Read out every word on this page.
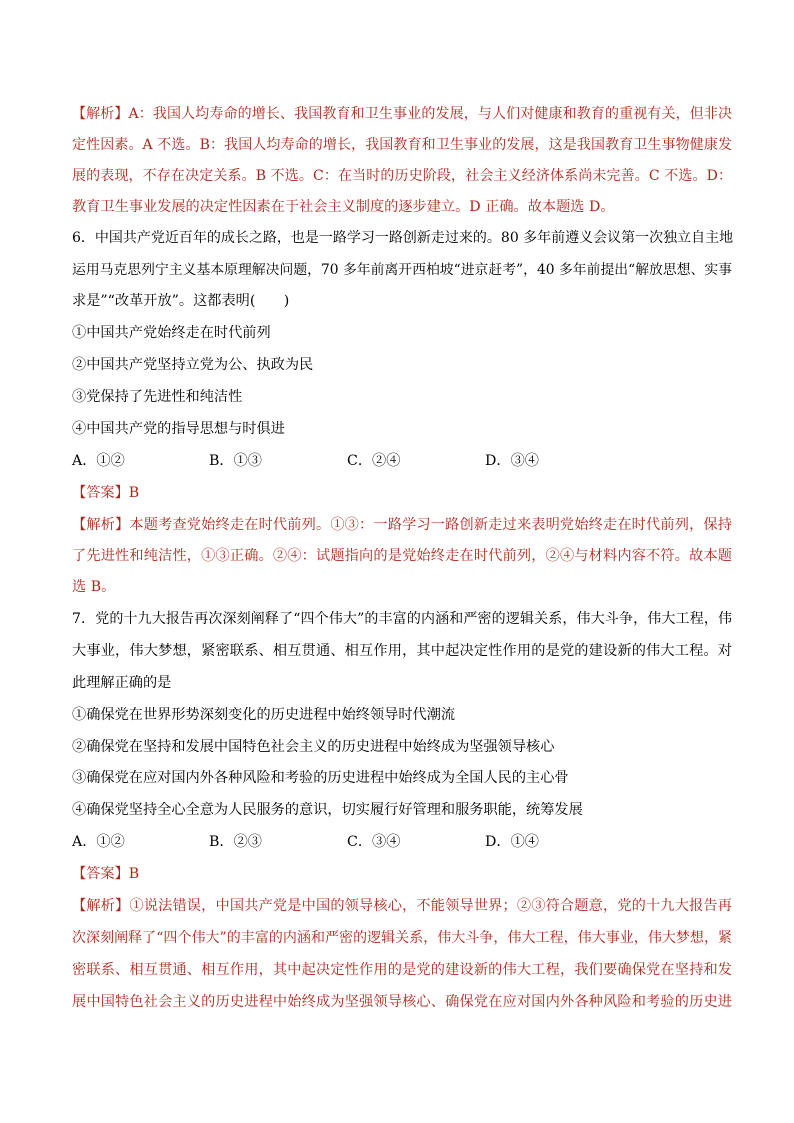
【解析】A：我国人均寿命的增长、我国教育和卫生事业的发展，与人们对健康和教育的重视有关，但非决
定性因素。A 不选。B：我国人均寿命的增长，我国教育和卫生事业的发展，这是我国教育卫生事物健康发
展的表现，不存在决定关系。B 不选。C：在当时的历史阶段，社会主义经济体系尚未完善。C 不选。D：
教育卫生事业发展的决定性因素在于社会主义制度的逐步建立。D 正确。故本题选 D。
6．中国共产党近百年的成长之路，也是一路学习一路创新走过来的。80 多年前遵义会议第一次独立自主地
运用马克思列宁主义基本原理解决问题，70 多年前离开西柏坡“进京赶考”，40 多年前提出“解放思想、实事
求是”“改革开放”。这都表明(　　)
①中国共产党始终走在时代前列
②中国共产党坚持立党为公、执政为民
③党保持了先进性和纯洁性
④中国共产党的指导思想与时俱进
A．①②	B．①③	C．②④	D．③④
【答案】B
【解析】本题考查党始终走在时代前列。①③：一路学习一路创新走过来表明党始终走在时代前列，保持
了先进性和纯洁性，①③正确。②④：试题指向的是党始终走在时代前列，②④与材料内容不符。故本题
选 B。
7．党的十九大报告再次深刻阐释了“四个伟大”的丰富的内涵和严密的逻辑关系，伟大斗争，伟大工程，伟
大事业，伟大梦想，紧密联系、相互贯通、相互作用，其中起决定性作用的是党的建设新的伟大工程。对
此理解正确的是
①确保党在世界形势深刻变化的历史进程中始终领导时代潮流
②确保党在坚持和发展中国特色社会主义的历史进程中始终成为坚强领导核心
③确保党在应对国内外各种风险和考验的历史进程中始终成为全国人民的主心骨
④确保党坚持全心全意为人民服务的意识，切实履行好管理和服务职能，统筹发展
A．①②	B．②③	C．③④	D．①④
【答案】B
【解析】①说法错误，中国共产党是中国的领导核心，不能领导世界；②③符合题意，党的十九大报告再
次深刻阐释了“四个伟大”的丰富的内涵和严密的逻辑关系，伟大斗争，伟大工程，伟大事业，伟大梦想，紧
密联系、相互贯通、相互作用，其中起决定性作用的是党的建设新的伟大工程，我们要确保党在坚持和发
展中国特色社会主义的历史进程中始终成为坚强领导核心、确保党在应对国内外各种风险和考验的历史进
